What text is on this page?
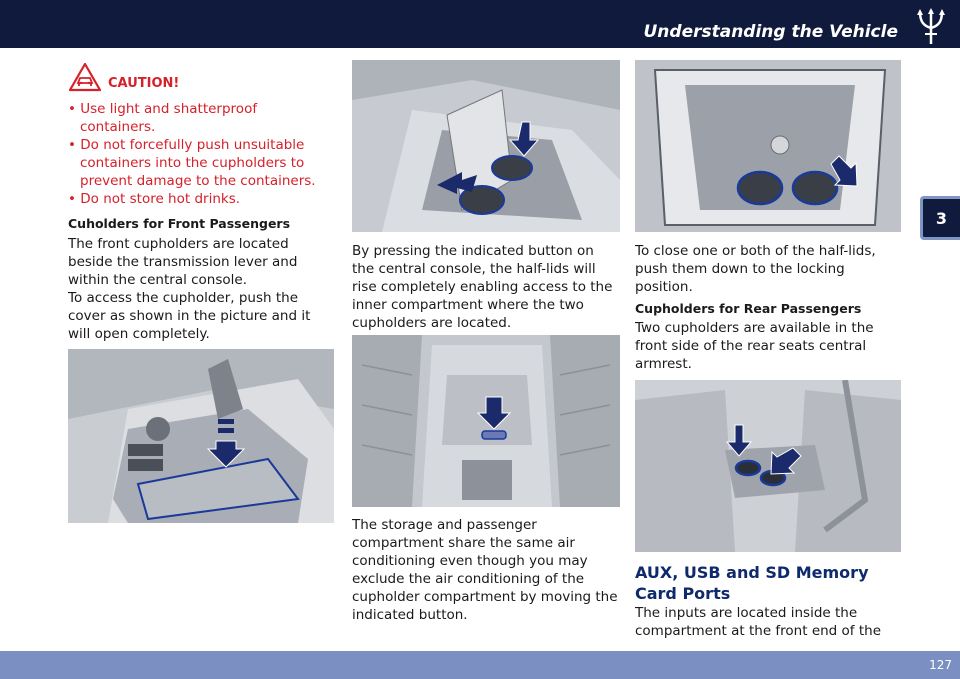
Understanding the Vehicle
3
CAUTION!
• Use light and shatterproof containers.
• Do not forcefully push unsuitable containers into the cupholders to prevent damage to the containers.
• Do not store hot drinks.
Cuholders for Front Passengers

The front cupholders are located beside the transmission lever and within the central console.

To access the cupholder, push the cover as shown in the picture and it will open completely.

By pressing the indicated button on the central console, the half-lids will rise completely enabling access to the inner compartment where the two cupholders are located.

The storage and passenger compartment share the same air conditioning even though you may exclude the air conditioning of the cupholder compartment by moving the indicated button.

To close one or both of the half-lids, push them down to the locking position.

Cupholders for Rear Passengers

Two cupholders are available in the front side of the rear seats central armrest.

AUX, USB and SD Memory Card Ports

The inputs are located inside the compartment at the front end of the

127
